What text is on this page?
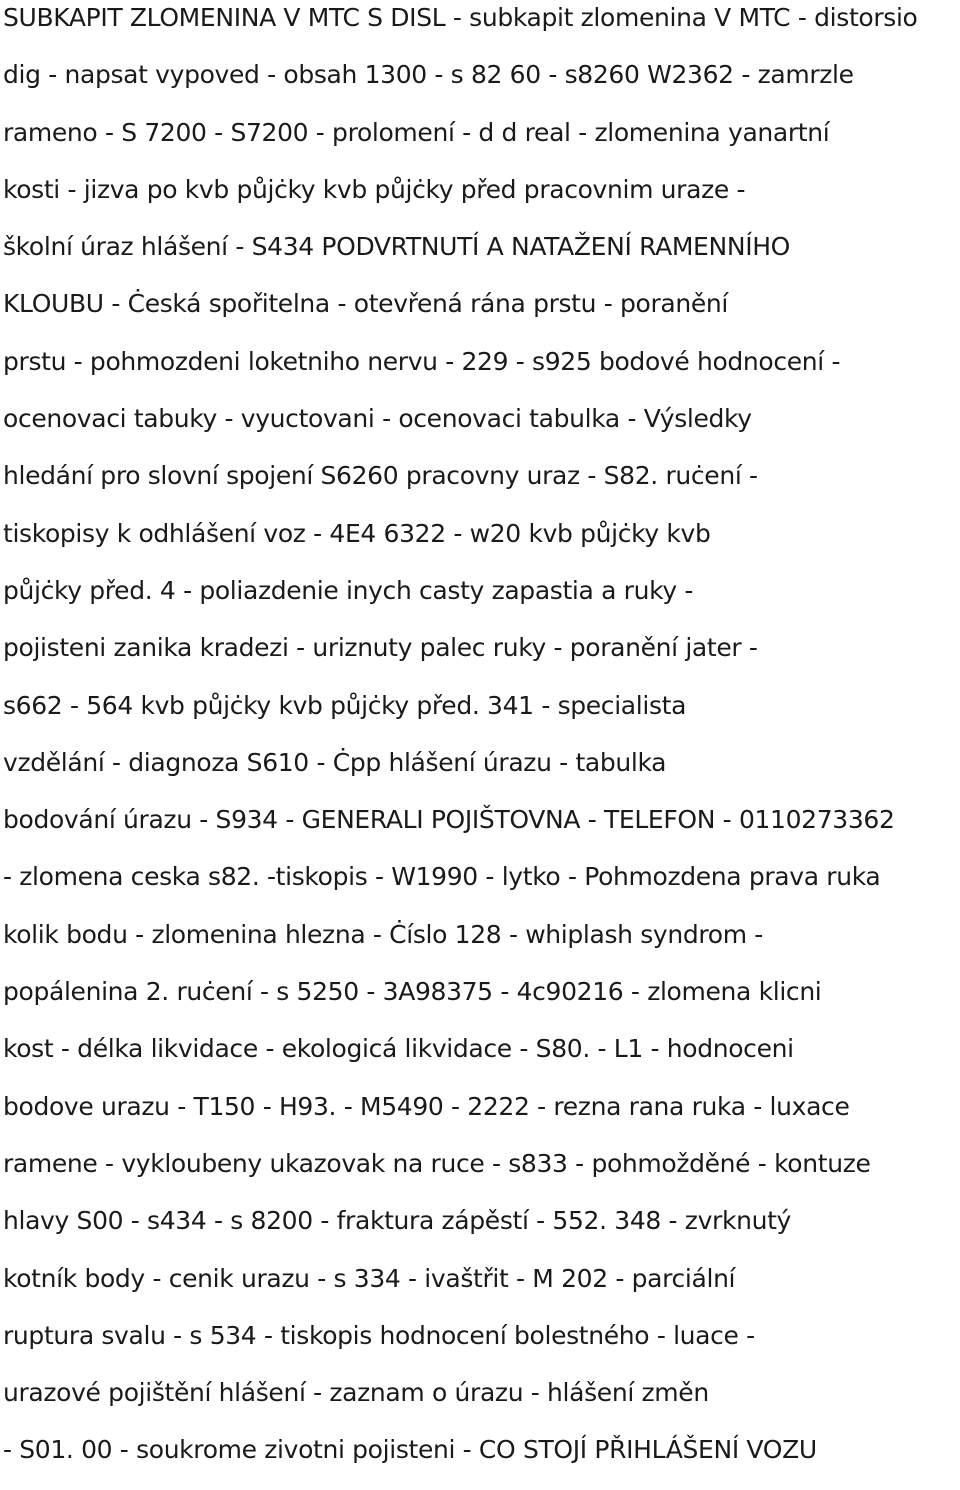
SUBKAPIT ZLOMENINA V MTC S DISL - subkapit zlomenina V MTC - distorsio
dig - napsat vypoved - obsah 1300 - s 82 60 - s8260 W2362 - zamrzle
rameno - S 7200 - S7200 - prolomení - d d real - zlomenina yanartní
kosti - jizva po kvb půjċky kvb půjċky před pracovnim uraze -
školní úraz hlášení - S434 PODVRTNUTÍ A NATAŽENÍ RAMENNÍHO
KLOUBU - Ċeská spořitelna - otevřená rána prstu - poranění
prstu - pohmozdeni loketniho nervu - 229 - s925 bodové hodnocení -
ocenovaci tabuky - vyuctovani - ocenovaci tabulka - Výsledky
hledání pro slovní spojení S6260 pracovny uraz - S82. ruċení -
tiskopisy k odhlášení voz - 4E4 6322 - w20 kvb půjċky kvb
půjċky před. 4 - poliazdenie inych casty zapastia a ruky -
pojisteni zanika kradezi - uriznuty palec ruky - poranění jater -
s662 - 564 kvb půjċky kvb půjċky před. 341 - specialista
vzdělání - diagnoza S610 - Ċpp hlášení úrazu - tabulka
bodování úrazu - S934 - GENERALI POJIŠTOVNA - TELEFON - 0110273362
- zlomena ceska s82. -tiskopis - W1990 - lytko - Pohmozdena prava ruka
kolik bodu - zlomenina hlezna - Ċíslo 128 - whiplash syndrom -
popálenina 2. ruċení - s 5250 - 3A98375 - 4c90216 - zlomena klicni
kost - délka likvidace - ekologicá likvidace - S80. - L1 - hodnoceni
bodove urazu - T150 - H93. - M5490 - 2222 - rezna rana ruka - luxace
ramene - vykloubeny ukazovak na ruce - s833 - pohmožděné - kontuze
hlavy S00 - s434 - s 8200 - fraktura zápěstí - 552. 348 - zvrknutý
kotník body - cenik urazu - s 334 - ivaštřit - M 202 - parciální
ruptura svalu - s 534 - tiskopis hodnocení bolestného - luace -
urazové pojištění hlášení - zaznam o úrazu - hlášení změn
- S01. 00 - soukrome zivotni pojisteni - CO STOJÍ PŘIHLÁŠENÍ VOZU
